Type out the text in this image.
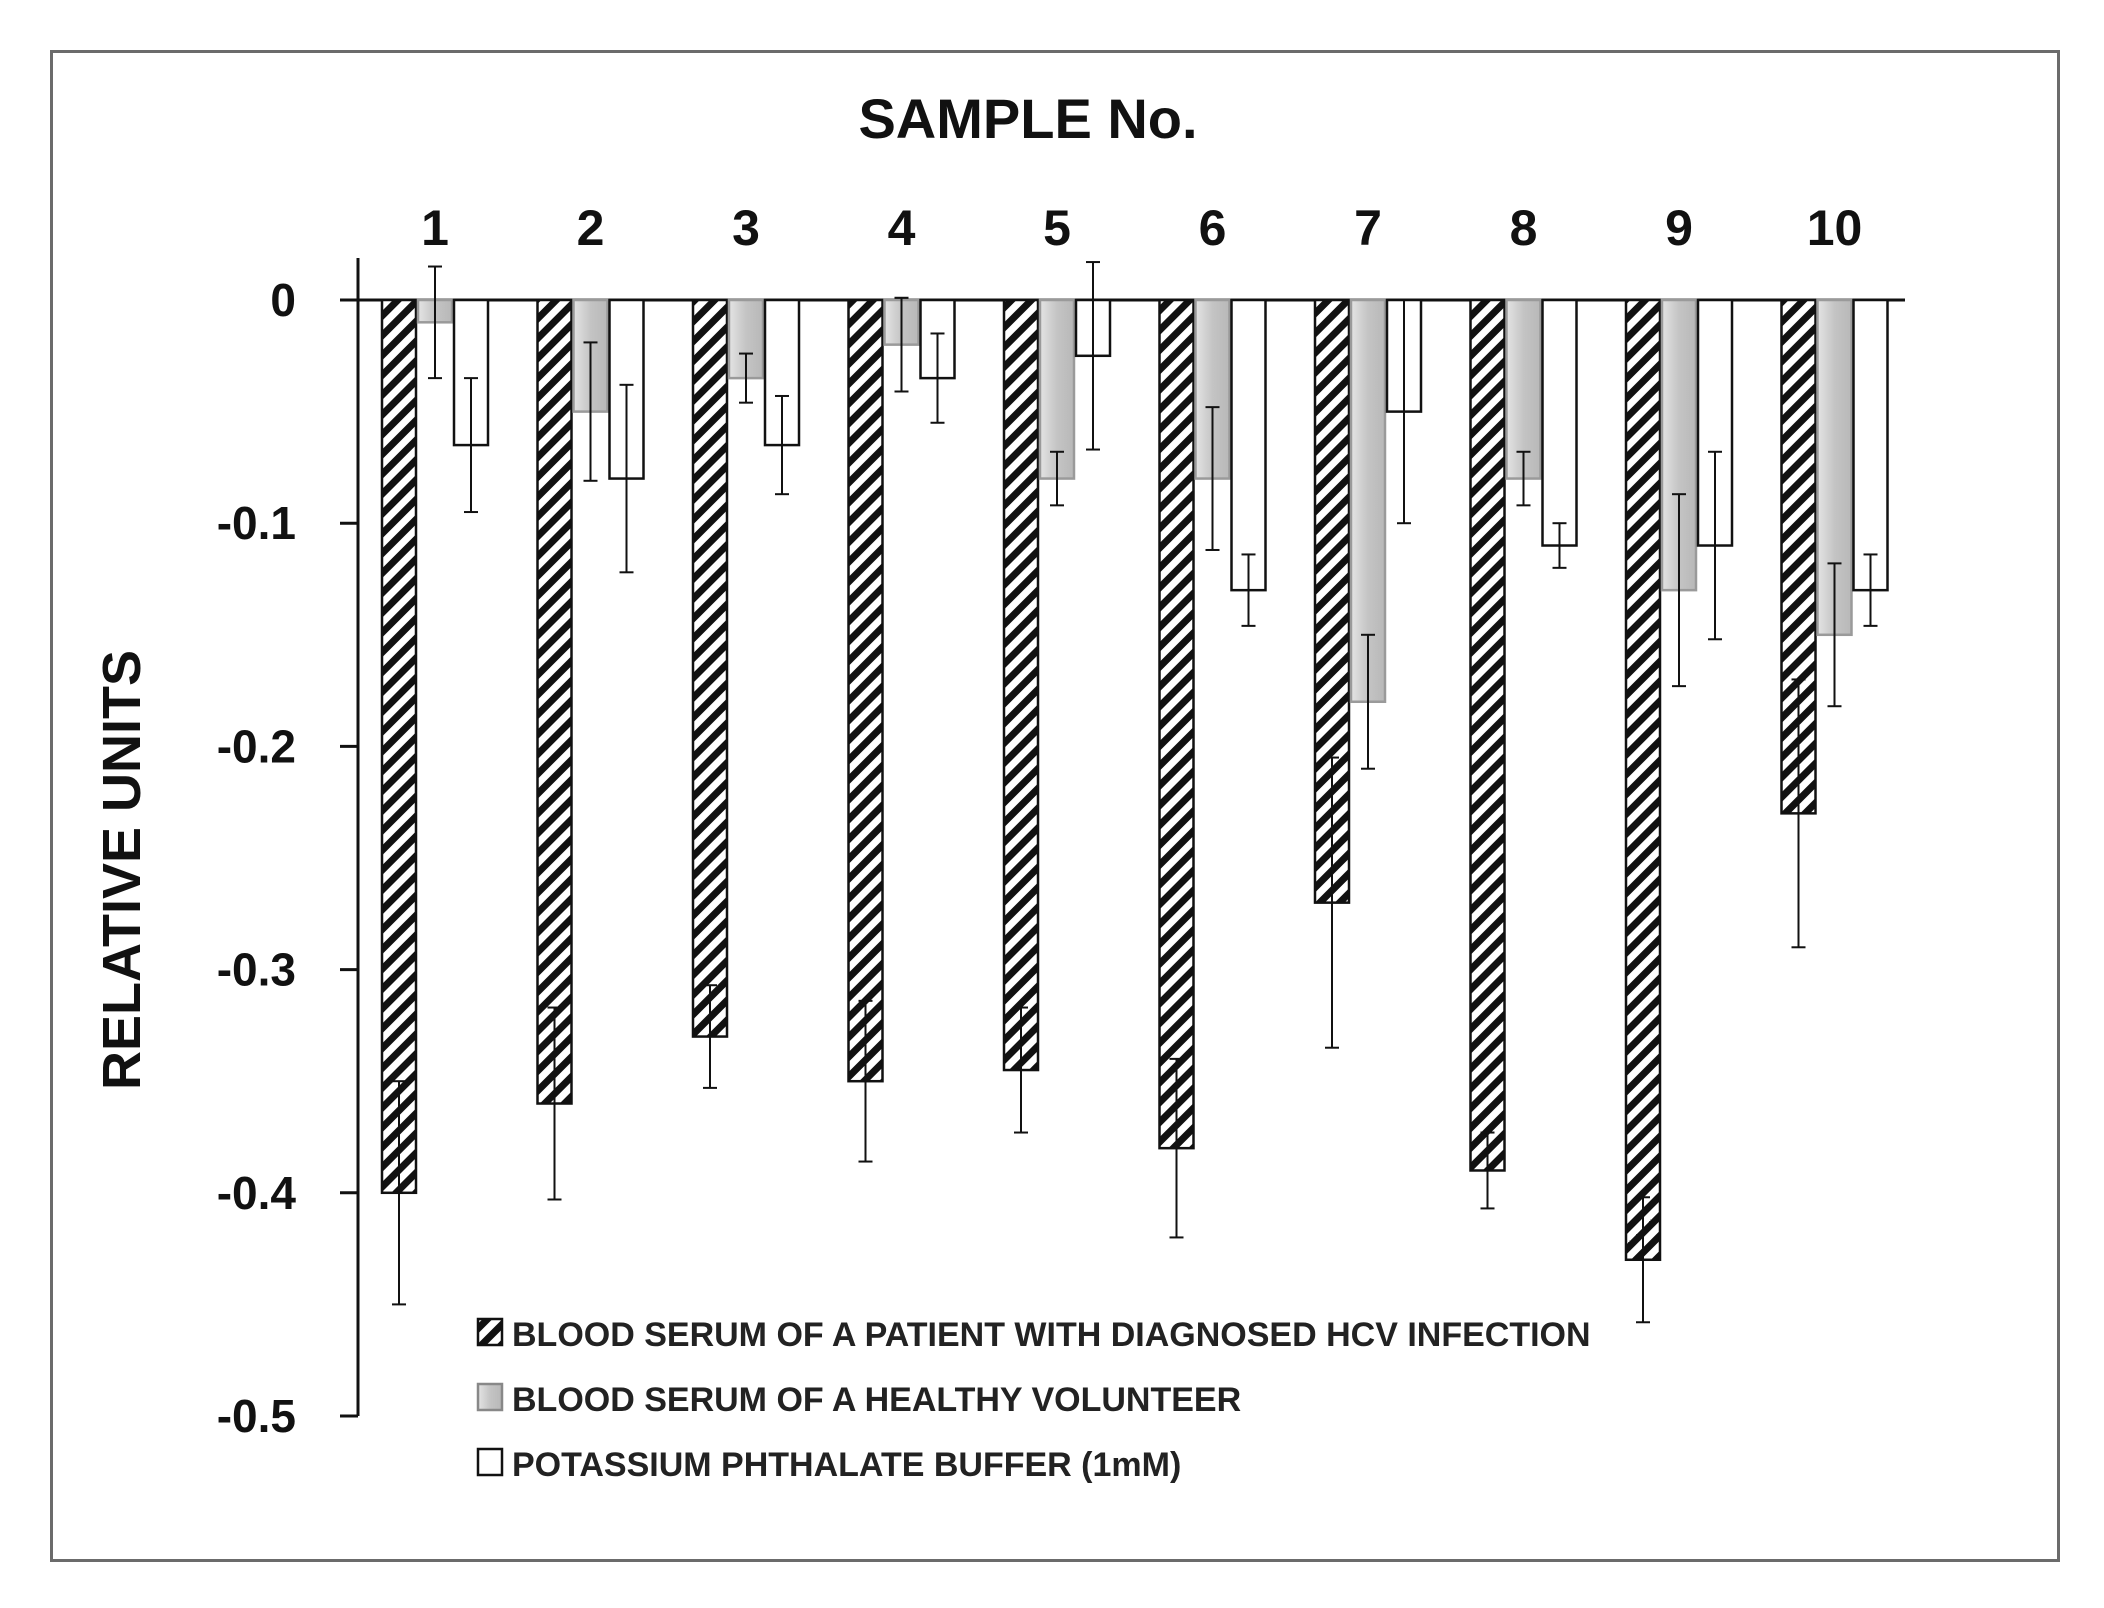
SAMPLE No.
RELATIVE UNITS
0
-0.1
-0.2
-0.3
-0.4
-0.5
1	2	3	4	5	6	7	8	9 10
BLOOD SERUM OF A PATIENT WITH DIAGNOSED HCV INFECTION
BLOOD SERUM OF A HEALTHY VOLUNTEER
POTASSIUM PHTHALATE BUFFER (1mM)
